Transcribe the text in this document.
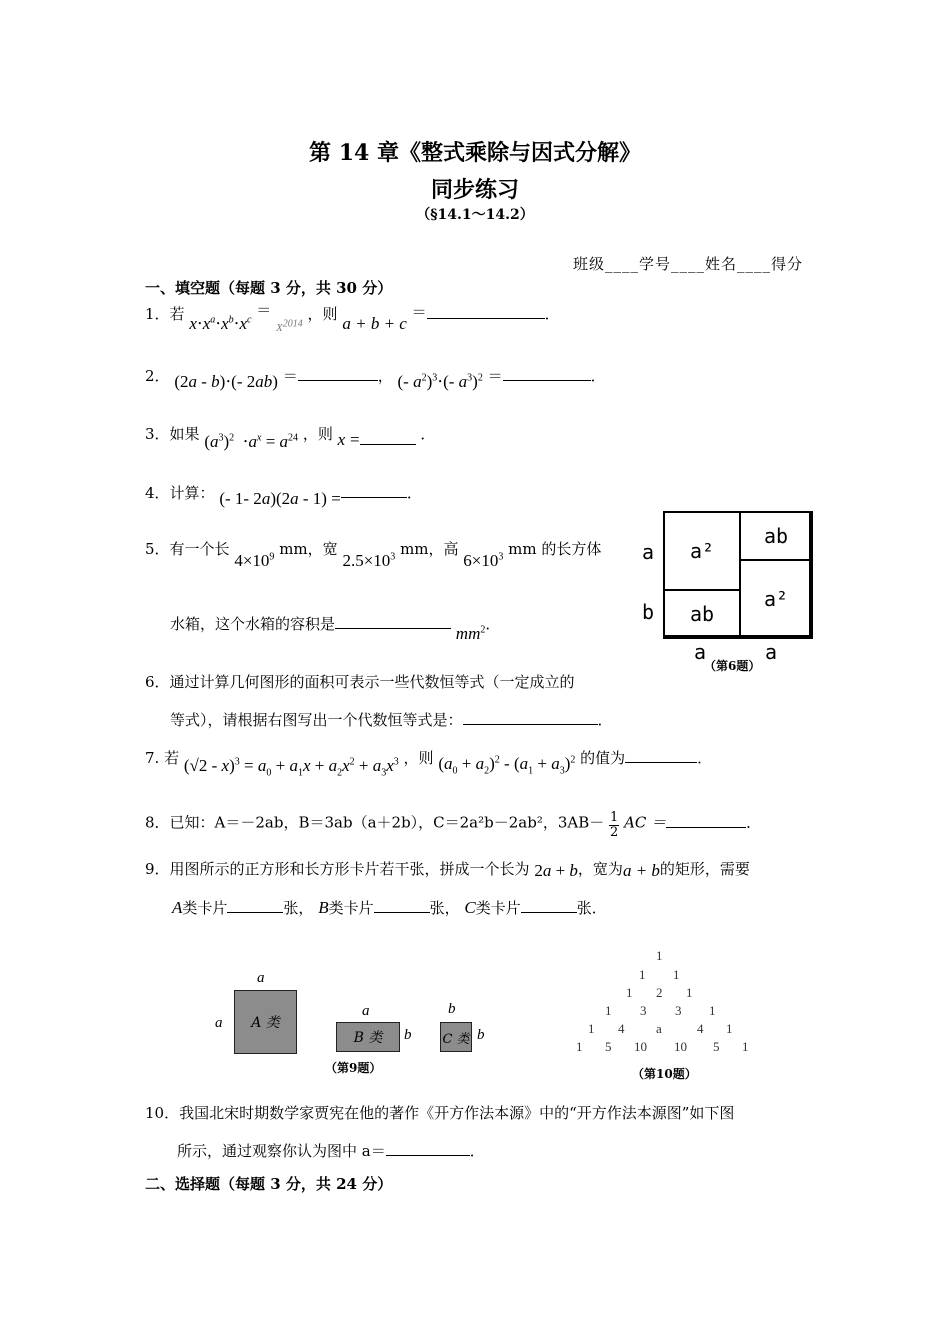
第 14 章《整式乘除与因式分解》
同步练习
（§14.1～14.2）
班级____学号____姓名____得分
一、填空题（每题 3 分，共 30 分）
1．若 $x\cdot x^a\cdot x^b\cdot x^c = _{X^{2014}}$ ，则 a + b + c ＝	．
2． (2a - b)⋅(- 2ab) ＝	， (- $a^2)^3\cdot(-$ $a^3)^2$ ＝	．
3．如果 $(a^3)^2 \cdot a^x = a^{24}$ ，则 x =	．
4．计算： (- 1- 2a)(2a - 1) =	．
5．有一个长 $4\times 10^9$ mm，宽 $2.5\times 10^3$ mm，高 $6\times 10^3$ mm 的长方体
水箱，这个水箱的容积是	$mm^2$．
a²
ab
ab
a²
a
b
a	a
（第6题）
6．通过计算几何图形的面积可表示一些代数恒等式（一定成立的
等式），请根据右图写出一个代数恒等式是：	．
7. 若 $(√2 - x)^3 = a_0 + a_1x + a_2x^2 + a_3x^3$ ，则 $(a_0 + a_2)^2 - (a_1 + a_3)^2$ 的值为	．
8．已知：A＝－2ab，B＝3ab（a＋2b），C＝2a²b－2ab²，$3AB- \frac{1}{2}$ AC ＝	．
9．用图所示的正方形和长方形卡片若干张，拼成一个长为 2a + b，宽为a + b的矩形，需要
A类卡片	张， B类卡片	张， C类卡片	张．
a
a A 类
a
B 类 b
b
C 类 b
（第9题）
1
1 1
1 2 1
1 3 3 1
1 4 a	4 1
1 5 10 10 5 1
（第10题）
10．我国北宋时期数学家贾宪在他的著作《开方作法本源》中的“开方作法本源图”如下图
所示，通过观察你认为图中 a＝	．
二、选择题（每题 3 分，共 24 分）
